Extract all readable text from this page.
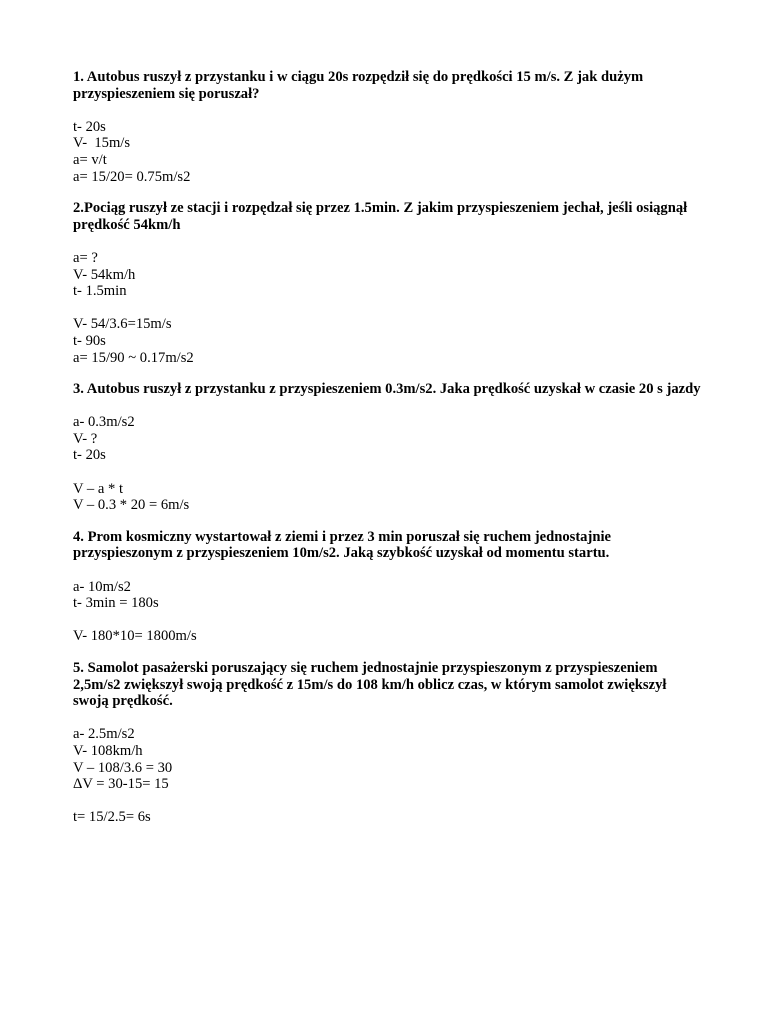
1. Autobus ruszył z przystanku i w ciągu 20s rozpędził się do prędkości 15 m/s. Z jak dużym przyspieszeniem się poruszał?
t- 20s
V-  15m/s
a= v/t
a= 15/20= 0.75m/s2
2.Pociąg ruszył ze stacji i rozpędzał się przez 1.5min. Z jakim przyspieszeniem jechał, jeśli osiągnął prędkość 54km/h
a= ?
V- 54km/h
t- 1.5min
V- 54/3.6=15m/s
t- 90s
a= 15/90 ~ 0.17m/s2
3. Autobus ruszył z przystanku z przyspieszeniem 0.3m/s2. Jaka prędkość uzyskał w czasie 20 s jazdy
a- 0.3m/s2
V- ?
t- 20s
V – a * t
V – 0.3 * 20 = 6m/s
4. Prom kosmiczny wystartował z ziemi i przez 3 min poruszał się ruchem jednostajnie przyspieszonym z przyspieszeniem 10m/s2. Jaką szybkość uzyskał od momentu startu.
a- 10m/s2
t- 3min = 180s
V- 180*10= 1800m/s
5. Samolot pasażerski poruszający się ruchem jednostajnie przyspieszonym z przyspieszeniem 2,5m/s2 zwiększył swoją prędkość z 15m/s do 108 km/h oblicz czas, w którym samolot zwiększył swoją prędkość.
a- 2.5m/s2
V- 108km/h
V – 108/3.6 = 30
ΔV = 30-15= 15
t= 15/2.5= 6s
